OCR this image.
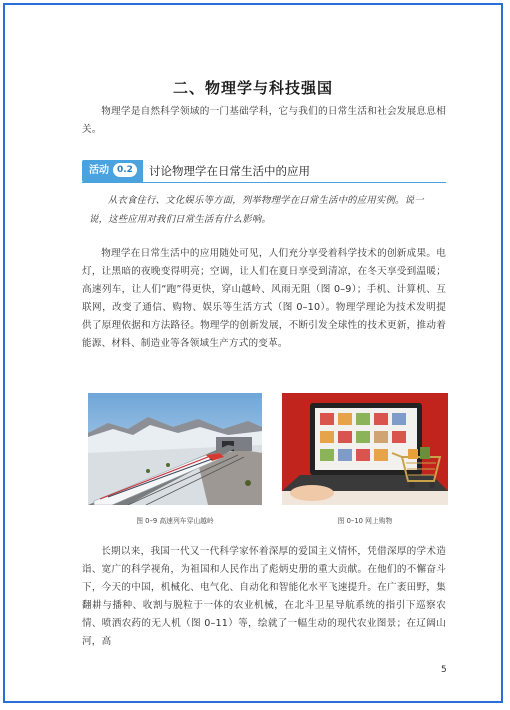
二、物理学与科技强国
物理学是自然科学领域的一门基础学科，它与我们的日常生活和社会发展息息相关。
活动 0.2	讨论物理学在日常生活中的应用
从衣食住行、文化娱乐等方面，列举物理学在日常生活中的应用实例。说一说，这些应用对我们日常生活有什么影响。
物理学在日常生活中的应用随处可见，人们充分享受着科学技术的创新成果。电灯，让黑暗的夜晚变得明亮；空调，让人们在夏日享受到清凉，在冬天享受到温暖；高速列车，让人们“跑”得更快，穿山越岭、风雨无阻（图 0–9）；手机、计算机、互联网，改变了通信、购物、娱乐等生活方式（图 0–10）。物理学理论为技术发明提供了原理依据和方法路径。物理学的创新发展，不断引发全球性的技术更新，推动着能源、材料、制造业等各领域生产方式的变革。
图 0–9 高速列车穿山越岭	图 0–10 网上购物
长期以来，我国一代又一代科学家怀着深厚的爱国主义情怀，凭借深厚的学术造诣、宽广的科学视角，为祖国和人民作出了彪炳史册的重大贡献。在他们的不懈奋斗下，今天的中国，机械化、电气化、自动化和智能化水平飞速提升。在广袤田野，集翻耕与播种、收割与脱粒于一体的农业机械，在北斗卫星导航系统的指引下巡察农情、喷洒农药的无人机（图 0–11）等，绘就了一幅生动的现代农业图景；在辽阔山河，高
5
